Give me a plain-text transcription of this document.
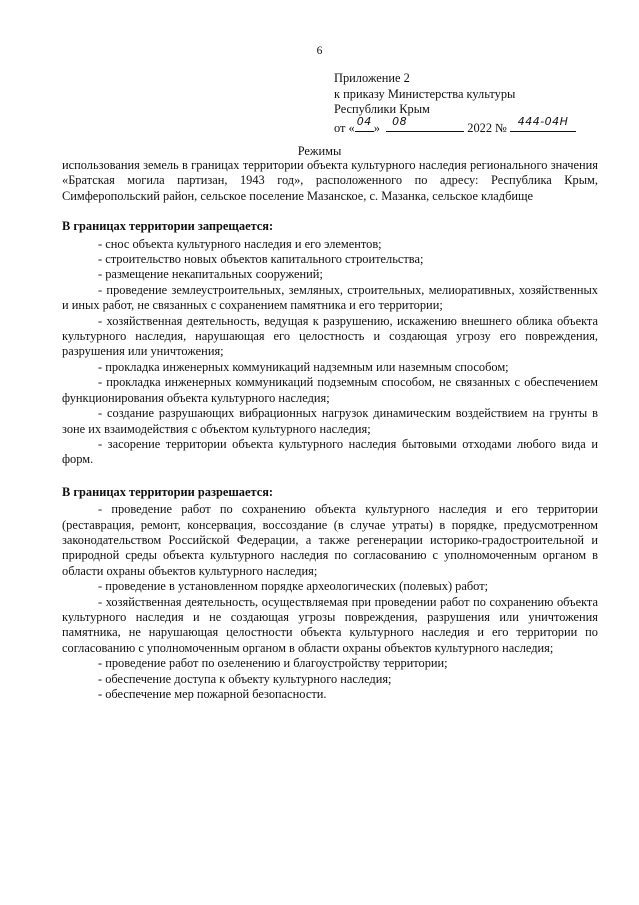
6
Приложение 2
к приказу Министерства культуры
Республики Крым
от « 04 »	08	2022 № 444-04Н
Режимы

использования земель в границах территории объекта культурного наследия регионального значения «Братская могила партизан, 1943 год», расположенного по адресу: Республика Крым, Симферопольский район, сельское поселение Мазанское, с. Мазанка, сельское кладбище

В границах территории запрещается:
- снос объекта культурного наследия и его элементов;
- строительство новых объектов капитального строительства;
- размещение некапитальных сооружений;
- проведение землеустроительных, земляных, строительных, мелиоративных, хозяйственных и иных работ, не связанных с сохранением памятника и его территории;
- хозяйственная деятельность, ведущая к разрушению, искажению внешнего облика объекта культурного наследия, нарушающая его целостность и создающая угрозу его повреждения, разрушения или уничтожения;
- прокладка инженерных коммуникаций надземным или наземным способом;
- прокладка инженерных коммуникаций подземным способом, не связанных с обеспечением функционирования объекта культурного наследия;
- создание разрушающих вибрационных нагрузок динамическим воздействием на грунты в зоне их взаимодействия с объектом культурного наследия;
- засорение территории объекта культурного наследия бытовыми отходами любого вида и форм.
В границах территории разрешается:
- проведение работ по сохранению объекта культурного наследия и его территории (реставрация, ремонт, консервация, воссоздание (в случае утраты) в порядке, предусмотренном законодательством Российской Федерации, а также регенерации историко-градостроительной и природной среды объекта культурного наследия по согласованию с уполномоченным органом в области охраны объектов культурного наследия;
- проведение в установленном порядке археологических (полевых) работ;
- хозяйственная деятельность, осуществляемая при проведении работ по сохранению объекта культурного наследия и не создающая угрозы повреждения, разрушения или уничтожения памятника, не нарушающая целостности объекта культурного наследия и его территории по согласованию с уполномоченным органом в области охраны объектов культурного наследия;
- проведение работ по озеленению и благоустройству территории;
- обеспечение доступа к объекту культурного наследия;
- обеспечение мер пожарной безопасности.
